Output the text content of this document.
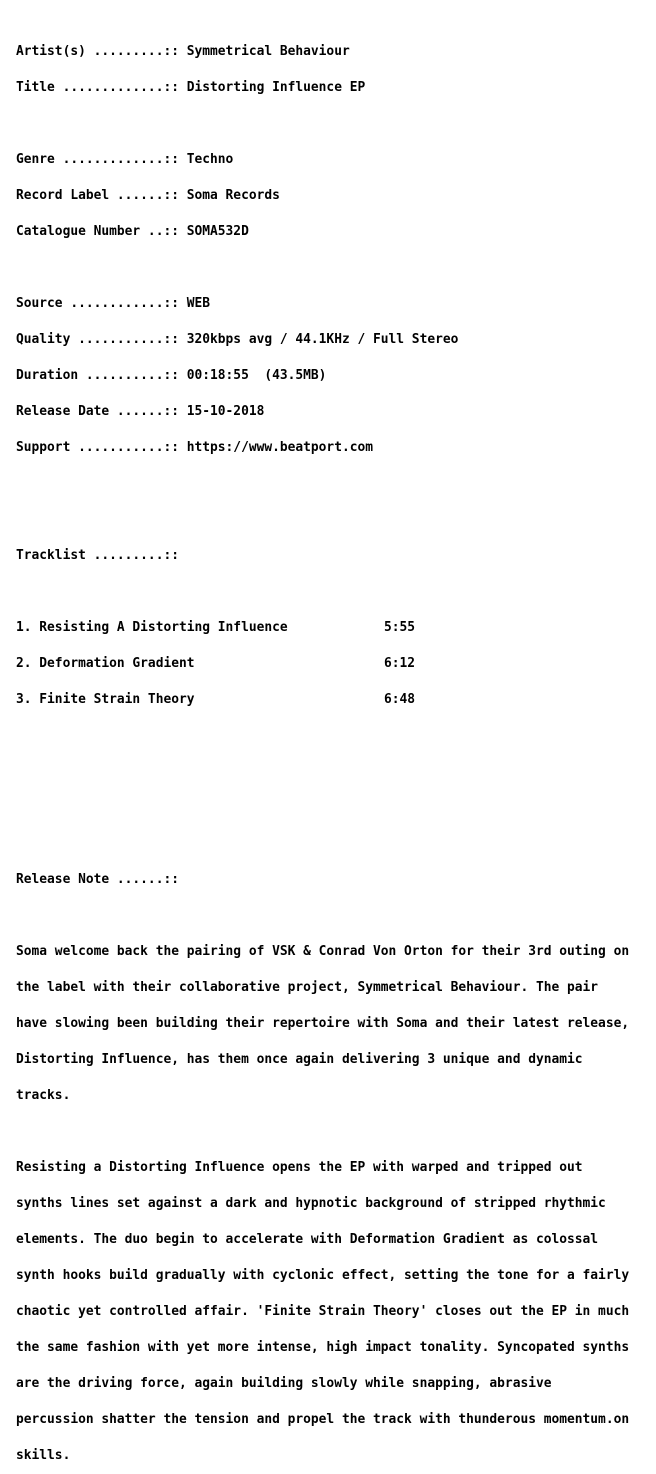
Artist(s) .........:: Symmetrical Behaviour

Title .............:: Distorting Influence EP

Genre .............:: Techno

Record Label ......:: Soma Records

Catalogue Number ..:: SOMA532D

Source ............:: WEB

Quality ...........:: 320kbps avg / 44.1KHz / Full Stereo

Duration ..........:: 00:18:55  (43.5MB)

Release Date ......:: 15-10-2018

Support ...........:: https://www.beatport.com

Tracklist .........::

1. Resisting A Distorting Influence	5:55

2. Deformation Gradient	6:12

3. Finite Strain Theory	6:48

Release Note ......::

Soma welcome back the pairing of VSK & Conrad Von Orton for their 3rd outing on

the label with their collaborative project, Symmetrical Behaviour. The pair

have slowing been building their repertoire with Soma and their latest release,

Distorting Influence, has them once again delivering 3 unique and dynamic

tracks.

Resisting a Distorting Influence opens the EP with warped and tripped out

synths lines set against a dark and hypnotic background of stripped rhythmic

elements. The duo begin to accelerate with Deformation Gradient as colossal

synth hooks build gradually with cyclonic effect, setting the tone for a fairly

chaotic yet controlled affair. 'Finite Strain Theory' closes out the EP in much

the same fashion with yet more intense, high impact tonality. Syncopated synths

are the driving force, again building slowly while snapping, abrasive

percussion shatter the tension and propel the track with thunderous momentum.on

skills.
